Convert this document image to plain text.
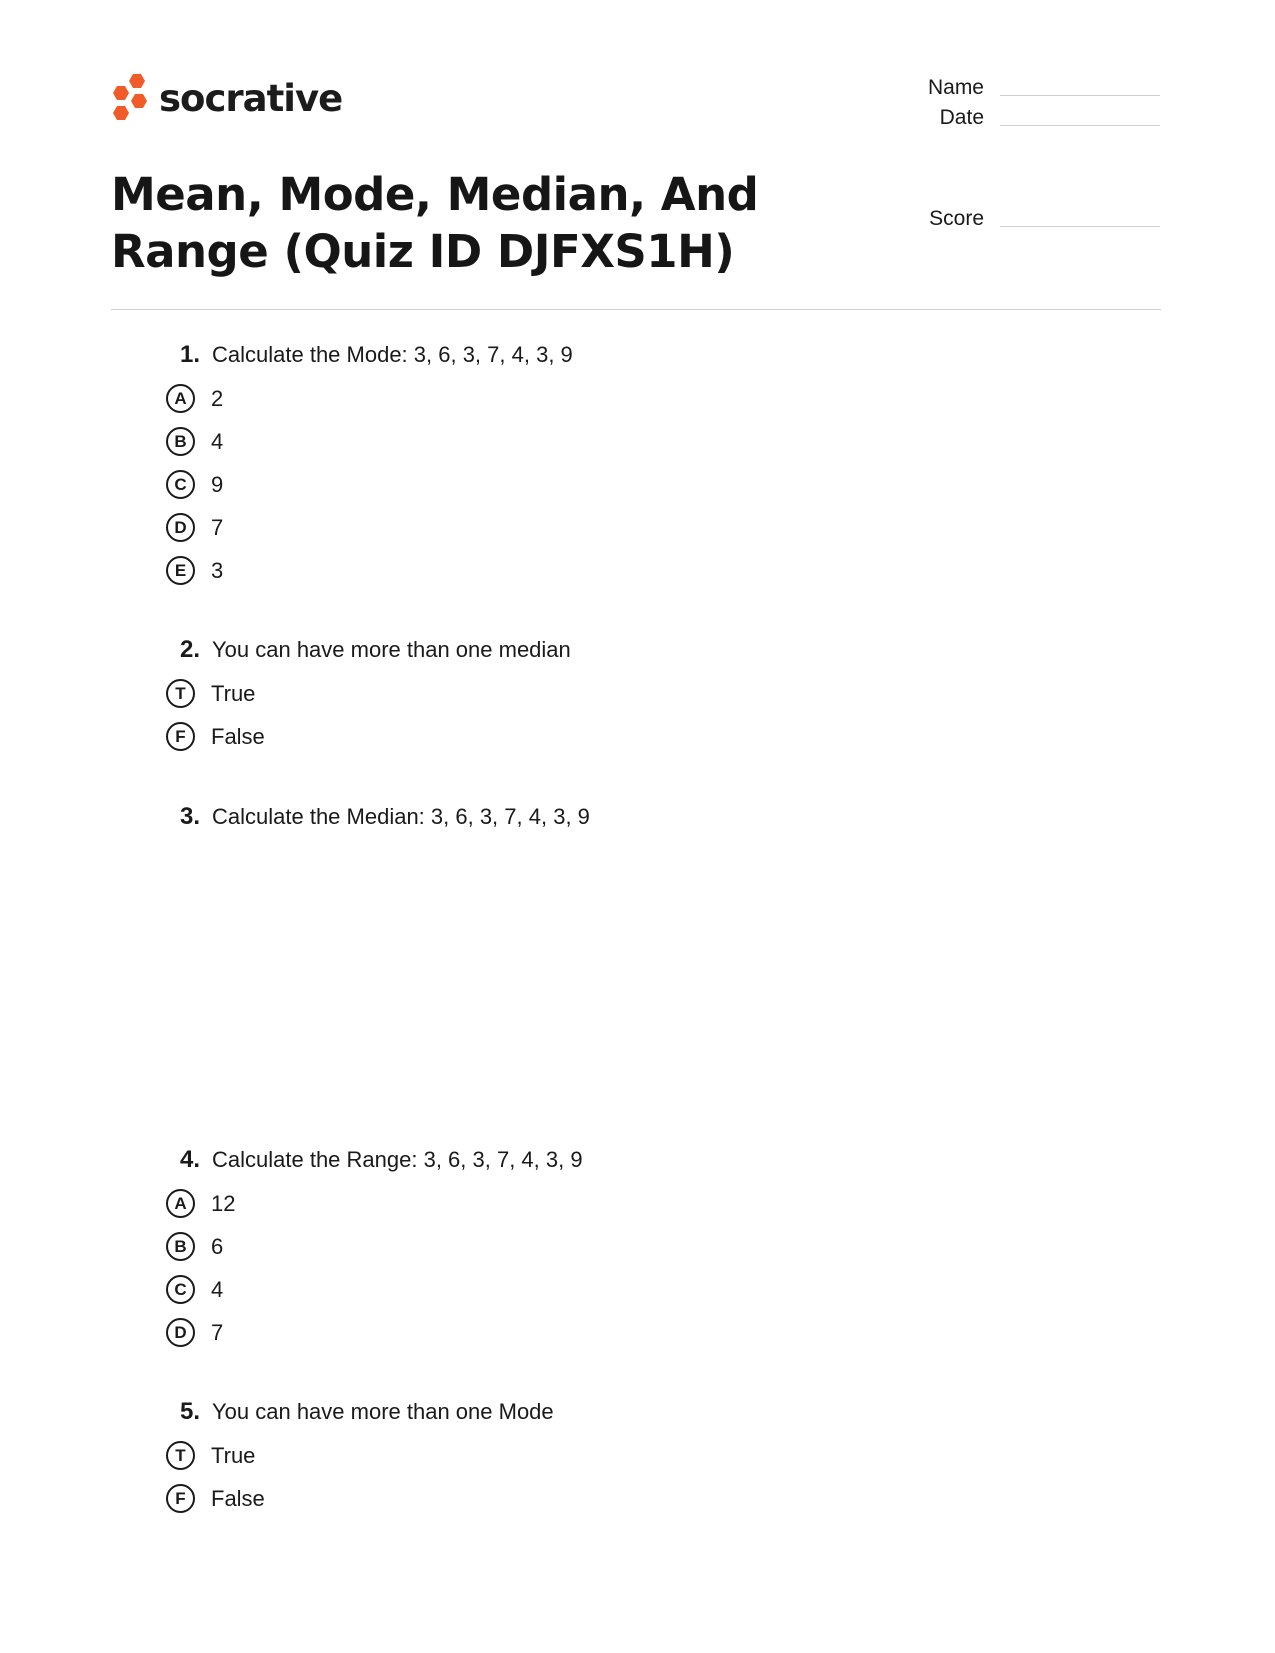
socrative	Name
Date
Score
Mean, Mode, Median, And Range (Quiz ID DJFXS1H)
1. Calculate the Mode: 3, 6, 3, 7, 4, 3, 9
A	2
B	4
C	9
D	7
E	3
2. You can have more than one median
T	True
F	False
3. Calculate the Median: 3, 6, 3, 7, 4, 3, 9
4. Calculate the Range: 3, 6, 3, 7, 4, 3, 9
A	12
B	6
C	4
D	7
5. You can have more than one Mode
T	True
F	False
